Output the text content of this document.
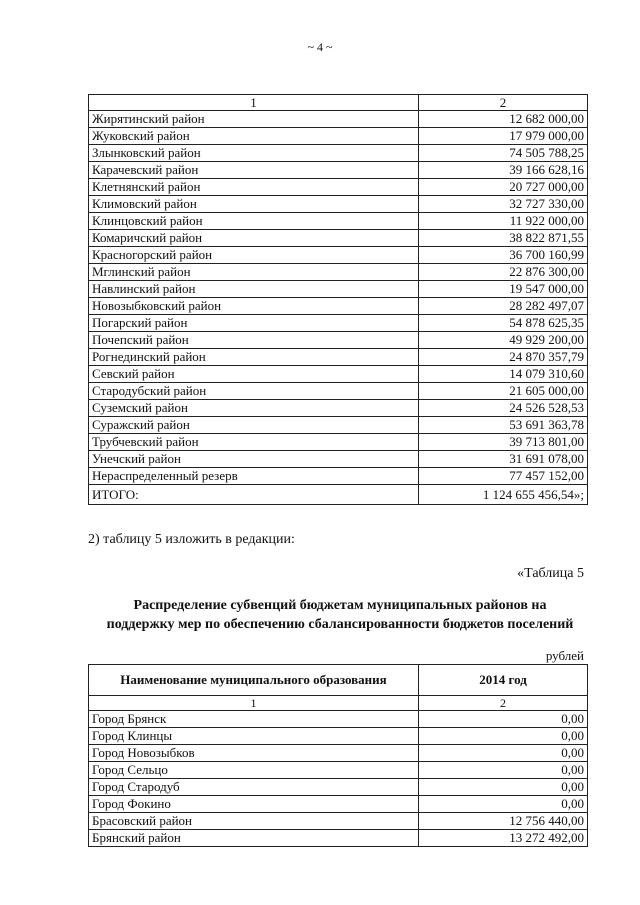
~ 4 ~
1	2
Жирятинский район	12 682 000,00
Жуковский район	17 979 000,00
Злынковский район	74 505 788,25
Карачевский район	39 166 628,16
Клетнянский район	20 727 000,00
Климовский район	32 727 330,00
Клинцовский район	11 922 000,00
Комаричский район	38 822 871,55
Красногорский район	36 700 160,99
Мглинский район	22 876 300,00
Навлинский район	19 547 000,00
Новозыбковский район	28 282 497,07
Погарский район	54 878 625,35
Почепский район	49 929 200,00
Рогнединский район	24 870 357,79
Севский район	14 079 310,60
Стародубский район	21 605 000,00
Суземский район	24 526 528,53
Суражский район	53 691 363,78
Трубчевский район	39 713 801,00
Унечский район	31 691 078,00
Нераспределенный резерв	77 457 152,00
ИТОГО:	1 124 655 456,54»;
2) таблицу 5 изложить в редакции:
«Таблица 5
Распределение субвенций бюджетам муниципальных районов на
поддержку мер по обеспечению сбалансированности бюджетов поселений
рублей
Наименование муниципального образования	2014 год
1	2
Город Брянск	0,00
Город Клинцы	0,00
Город Новозыбков	0,00
Город Сельцо	0,00
Город Стародуб	0,00
Город Фокино	0,00
Брасовский район	12 756 440,00
Брянский район	13 272 492,00
